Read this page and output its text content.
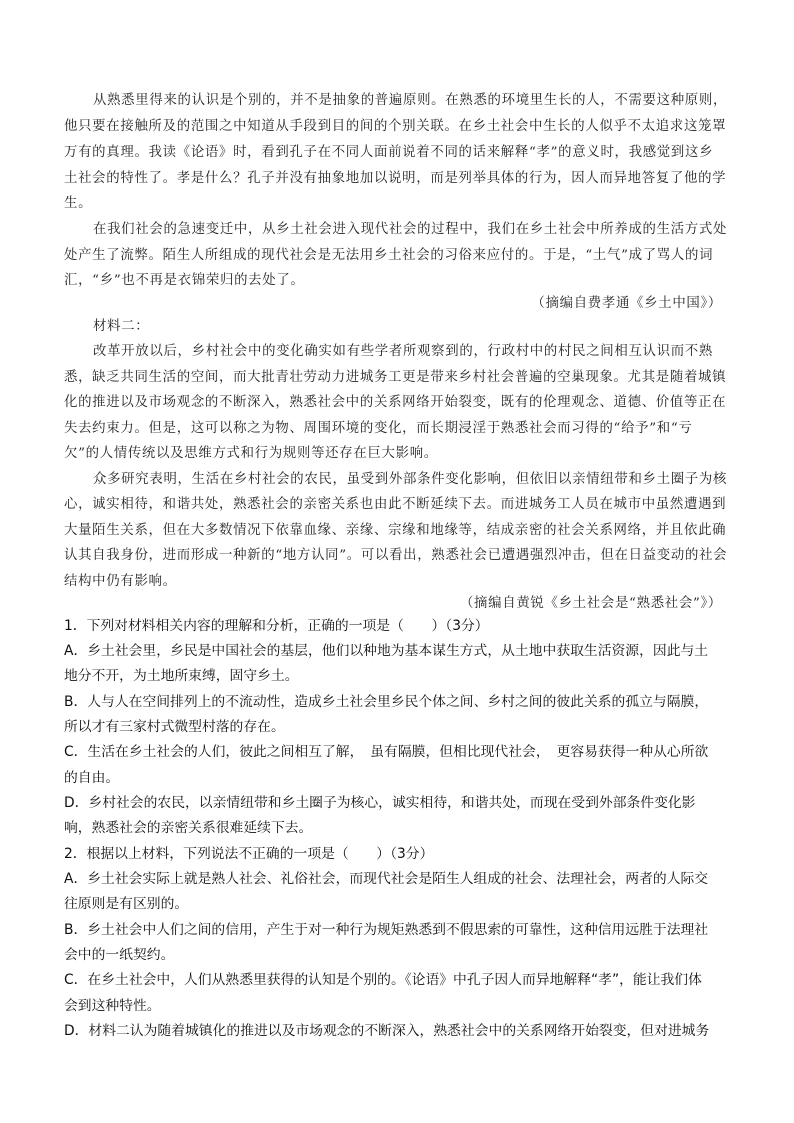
从熟悉里得来的认识是个别的，并不是抽象的普遍原则。在熟悉的环境里生长的人，不需要这种原则，
他只要在接触所及的范围之中知道从手段到目的间的个别关联。在乡土社会中生长的人似乎不太追求这笼罩
万有的真理。我读《论语》时，看到孔子在不同人面前说着不同的话来解释“孝”的意义时，我感觉到这乡
土社会的特性了。孝是什么？孔子并没有抽象地加以说明，而是列举具体的行为，因人而异地答复了他的学
生。
在我们社会的急速变迁中，从乡土社会进入现代社会的过程中，我们在乡土社会中所养成的生活方式处
处产生了流弊。陌生人所组成的现代社会是无法用乡土社会的习俗来应付的。于是，“土气”成了骂人的词
汇，“乡”也不再是衣锦荣归的去处了。
（摘编自费孝通《乡土中国》）
材料二：
改革开放以后，乡村社会中的变化确实如有些学者所观察到的，行政村中的村民之间相互认识而不熟
悉，缺乏共同生活的空间，而大批青壮劳动力进城务工更是带来乡村社会普遍的空巢现象。尤其是随着城镇
化的推进以及市场观念的不断深入，熟悉社会中的关系网络开始裂变，既有的伦理观念、道德、价值等正在
失去约束力。但是，这可以称之为物、周围环境的变化，而长期浸淫于熟悉社会而习得的“给予”和“亏
欠”的人情传统以及思维方式和行为规则等还存在巨大影响。
众多研究表明，生活在乡村社会的农民，虽受到外部条件变化影响，但依旧以亲情纽带和乡土圈子为核
心，诚实相待，和谐共处，熟悉社会的亲密关系也由此不断延续下去。而进城务工人员在城市中虽然遭遇到
大量陌生关系，但在大多数情况下依靠血缘、亲缘、宗缘和地缘等，结成亲密的社会关系网络，并且依此确
认其自我身份，进而形成一种新的“地方认同”。可以看出，熟悉社会已遭遇强烈冲击，但在日益变动的社会
结构中仍有影响。
（摘编自黄锐《乡土社会是“熟悉社会”》）
1．下列对材料相关内容的理解和分析，正确的一项是（　　）（3分）
A．乡土社会里，乡民是中国社会的基层，他们以种地为基本谋生方式，从土地中获取生活资源，因此与土
地分不开，为土地所束缚，固守乡土。
B．人与人在空间排列上的不流动性，造成乡土社会里乡民个体之间、乡村之间的彼此关系的孤立与隔膜，
所以才有三家村式微型村落的存在。
C．生活在乡土社会的人们，彼此之间相互了解，　虽有隔膜，但相比现代社会，　更容易获得一种从心所欲
的自由。
D．乡村社会的农民，以亲情纽带和乡土圈子为核心，诚实相待，和谐共处，而现在受到外部条件变化影
响，熟悉社会的亲密关系很难延续下去。
2．根据以上材料，下列说法不正确的一项是（　　）（3分）
A．乡土社会实际上就是熟人社会、礼俗社会，而现代社会是陌生人组成的社会、法理社会，两者的人际交
往原则是有区别的。
B．乡土社会中人们之间的信用，产生于对一种行为规矩熟悉到不假思索的可靠性，这种信用远胜于法理社
会中的一纸契约。
C．在乡土社会中，人们从熟悉里获得的认知是个别的。《论语》中孔子因人而异地解释“孝”，能让我们体
会到这种特性。
D．材料二认为随着城镇化的推进以及市场观念的不断深入，熟悉社会中的关系网络开始裂变，但对进城务
